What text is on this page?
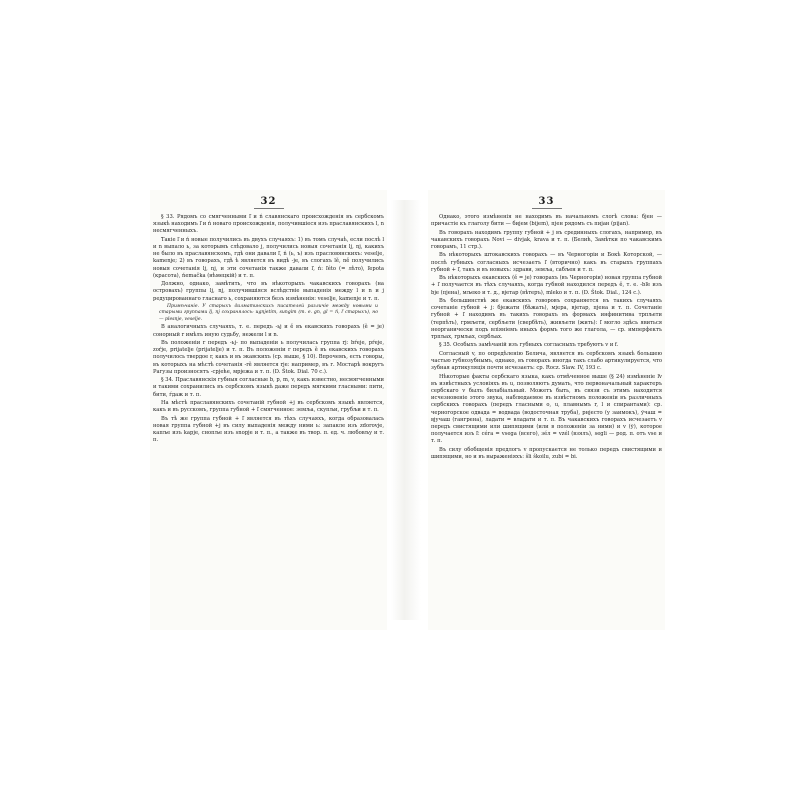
32

§ 33. Рядомъ со смягченными ľ и ń славянскаго происхожденія въ сербскомъ языкѣ находимъ ľ и ń новаго происхожденія, получившіеся изъ праславянскихъ l, n несмягченныхъ.

Такіе ľ и ń новые получились въ двухъ случаяхъ: 1) въ томъ случаѣ, если послѣ l и n выпало ь, за которымъ слѣдовало j, получились новыя сочетанія lj, nj, какихъ не было въ праславянскомъ, гдѣ они давали ľ, ń (ь, ъ) изъ прасловянскихъ: veselje, kamenje; 2) въ говорахъ, гдѣ ѣ является въ видѣ -je, въ слогахъ lě, ně получились новыя сочетанія lj, nj, и эти сочетанія также давали ľ, ń: ľéto (= лѣто), ľepota (красота), ńemačka (нѣмецкій) и т. п.

Должно, однако, замѣтить, что въ нѣкоторыхъ чакавскихъ говорахъ (на островахъ) группы lj, nj, получившіяся вслѣдствіе выпаденія между l и n и j редуцированнаго гласнаго ь, сохраняются безъ измѣненія: veselje, kamenje и т. п.

Примѣчаніе. У старыхъ далматинскихъ писателей различіе между новыми и старыми группами lj, nj сохранялось: ugnjetim, sungim (т. е. gn, gl = ń, ľ старыхъ), но — plesnje, veselje.

В аналогичныхъ случаяхъ, т. е. передъ -ьj и ě въ екавскихъ говорахъ (ě = je) сонорный r имѣлъ иную судьбу, нежели l и n.

Въ положеніи r передъ -ьj- по выпаденіи ь получилась группа rj: bŕeje, pŕeje, zoŕje, prijatelje (prijatelje) и т. п. Въ положеніи r передъ ě въ екавскихъ говорахъ получилось твердое r, какъ и въ экавскихъ (ср. выше, § 10). Впрочемъ, есть говоры, въ которыхъ на мѣстѣ сочетанія -rě является rje: например, въ г. Мостарѣ вокругъ Рагузы произносятъ -срјеће, мрјежа и т. п. (D. Štok. Dial. 70 c.).

§ 34. Праславянскія губныя согласные b, p, m, v, какъ известно, несмягченными и такими сохранились въ сербскомъ языкѣ даже передъ мягкими гласными: пити, бити, ѓдаж и т. п.

На мѣстѣ праславянскихъ сочетаній губной +j въ сербскомъ языкѣ является, какъ и въ русскомъ, группа губной + ľ смягченное: земља, скупљи, грубљи и т. п.

Въ тѣ же группа губной + ľ является въ тѣхъ случаяхъ, когда образовалась новая группа губной +j въ силу выпаденія между ними ь: запакле изъ zdorovje, капље изъ kapje, снопље изъ snopje и т. п., а также въ твор. п. ед. ч. любовљу и т. п.

33

Однако, этого измѣненія не находимъ въ начальномъ слогѣ слова: бјен — причастіе къ глаголу бити — бијем (bijem), пјен рядомъ съ пијан (pijan).

Въ говорахъ находимъ группу губной + j въ срединныхъ слогахъ, например, въ чакавскихъ говорахъ Novi — divjak, krava и т. п. (Белић, Замѣтки по чакавскимъ говорамъ, 11 стр.).

Въ нѣкоторыхъ штокавскихъ говорахъ — въ Черногоріи и Бокѣ Которской, — послѣ губныхъ согласныхъ исчезаетъ ľ (вторично) какъ въ старыхъ группахъ губной + ľ, такъ и въ новыхъ: здрави, земља, сабљен и т. п.

Въ нѣкоторыхъ екавскихъ (ě = je) говорахъ (въ Черногоріи) новая группа губной + ľ получается въ тѣхъ случаяхъ, когда губной находился передъ ě, т. е. -bľe изъ bje (пјена), мљеко и т. д., вјетар (вѣтеръ), mleko и т. п. (D. Štok. Dial., 124 c.).

Въ большинствѣ же екавскихъ говоровъ сохраняется въ такихъ случаяхъ сочетаніе губной + j: бјежати (бѣжать), мјера, вјетар, пјена и т. п. Сочетаніе губной + ľ находимъ въ такихъ говорахъ въ формахъ инфинитива трпљети (терпѣть), грмљети, сербљети (свербѣть), живљети (жить): ľ могло здѣсь явиться неорганически подъ вліяніемъ иныхъ формъ того же глагола, — ср. имперфектъ трпљах, грмљах, сербљах.

§ 35. Особыхъ замѣчаній изъ губныхъ согласныхъ требуютъ v и f.

Согласный v, по опредѣленію Белича, является въ сербскомъ языкѣ большею частью губнозубнымъ, однако, въ говорахъ иногда такъ слабо артикулируется, что зубная артикуляція почти исчезаетъ: ср. Rocz. Slaw. IV, 193 c.

Нѣкоторые факты сербскаго языка, какъ отмѣченное выше (§ 24) измѣненіе ľv въ извѣстныхъ условіяхъ въ u, позволяютъ думать, что первоначальный характеръ сербскаго v былъ билабіальный. Можетъ быть, въ связи съ этимъ находится исчезновеніе этого звука, наблюдаемое въ извѣстномъ положеніи въ различныхъ сербскихъ говорахъ (передъ гласными o, u, плавнымъ r, l и спирантами): ср. черногорское одвада = водвада (водосточная труба), рнјесто (у заимокъ), ўчаш = вјучаш (гангрена), ладати = владати и т. п. Въ чакавскихъ говорахъ исчезаетъ v передъ свистящими или шипящими (или в положеніи за ними) и v (ў), которое получается изъ ľ: сéга = vsega (всего), зéл = vzél (взялъ), segli — род. п. отъ vse и т. п.

Въ силу обобщенія предлогъ v пропускается не только передъ свистящими и шипящими, но и въ выраженіяхъ: šli škoilu, zubi = bi.
